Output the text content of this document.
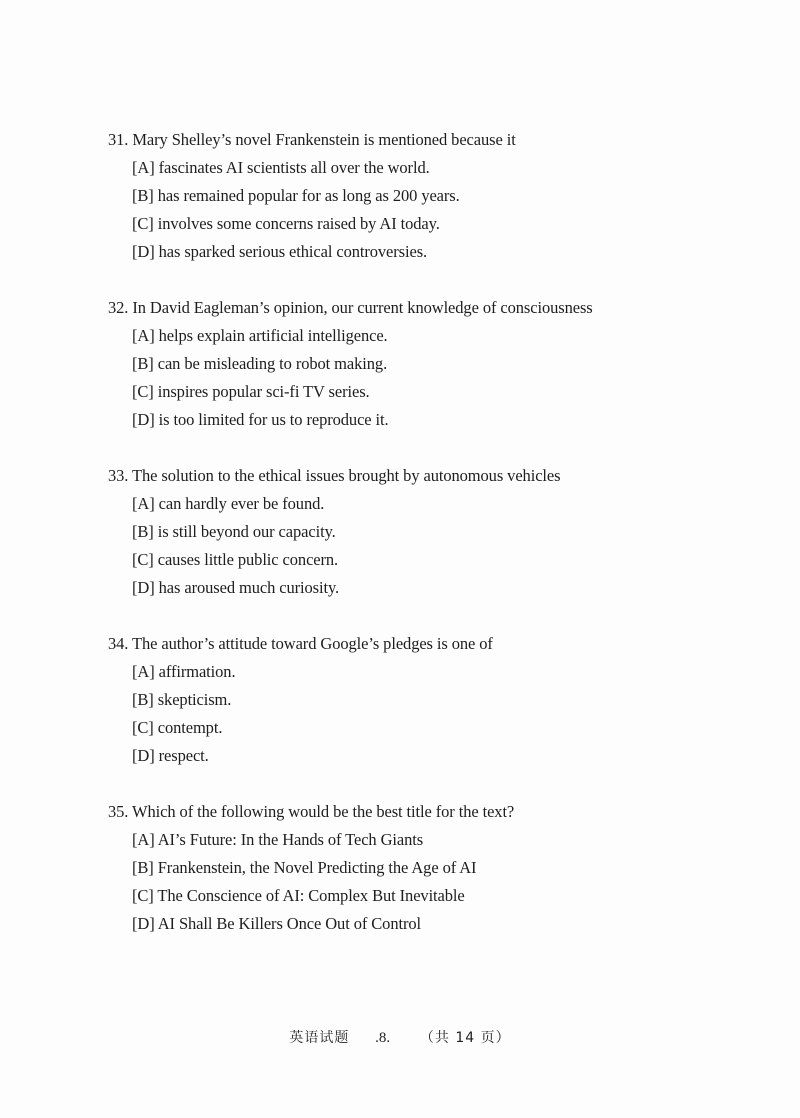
31. Mary Shelley’s novel Frankenstein is mentioned because it
[A] fascinates AI scientists all over the world.
[B] has remained popular for as long as 200 years.
[C] involves some concerns raised by AI today.
[D] has sparked serious ethical controversies.
32. In David Eagleman’s opinion, our current knowledge of consciousness
[A] helps explain artificial intelligence.
[B] can be misleading to robot making.
[C] inspires popular sci-fi TV series.
[D] is too limited for us to reproduce it.
33. The solution to the ethical issues brought by autonomous vehicles
[A] can hardly ever be found.
[B] is still beyond our capacity.
[C] causes little public concern.
[D] has aroused much curiosity.
34. The author’s attitude toward Google’s pledges is one of
[A] affirmation.
[B] skepticism.
[C] contempt.
[D] respect.
35. Which of the following would be the best title for the text?
[A] AI’s Future: In the Hands of Tech Giants
[B] Frankenstein, the Novel Predicting the Age of AI
[C] The Conscience of AI: Complex But Inevitable
[D] AI Shall Be Killers Once Out of Control
英语试题 .8. （共 14 页）
